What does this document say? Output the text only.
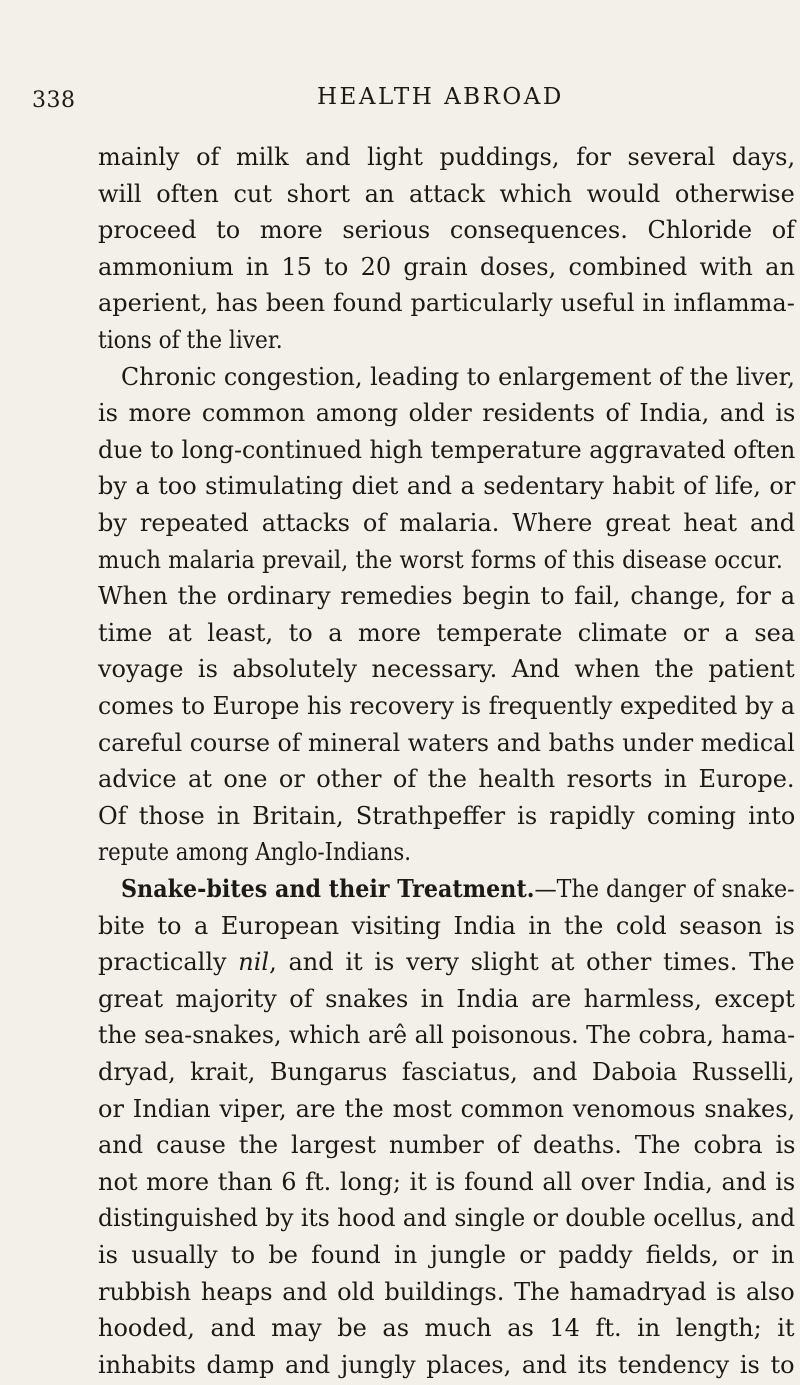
338	HEALTH ABROAD
mainly of milk and light puddings, for several days,
will often cut short an attack which would otherwise
proceed to more serious consequences. Chloride of
ammonium in 15 to 20 grain doses, combined with an
aperient, has been found particularly useful in inflamma-
tions of the liver.
Chronic congestion, leading to enlargement of the liver,
is more common among older residents of India, and is
due to long-continued high temperature aggravated often
by a too stimulating diet and a sedentary habit of life, or
by repeated attacks of malaria. Where great heat and
much malaria prevail, the worst forms of this disease occur.
When the ordinary remedies begin to fail, change, for a
time at least, to a more temperate climate or a sea
voyage is absolutely necessary. And when the patient
comes to Europe his recovery is frequently expedited by a
careful course of mineral waters and baths under medical
advice at one or other of the health resorts in Europe.
Of those in Britain, Strathpeffer is rapidly coming into
repute among Anglo-Indians.
Snake-bites and their Treatment.—The danger of snake-
bite to a European visiting India in the cold season is
practically nil, and it is very slight at other times. The
great majority of snakes in India are harmless, except
the sea-snakes, which arê all poisonous. The cobra, hama-
dryad, krait, Bungarus fasciatus, and Daboia Russelli,
or Indian viper, are the most common venomous snakes,
and cause the largest number of deaths. The cobra is
not more than 6 ft. long; it is found all over India, and is
distinguished by its hood and single or double ocellus, and
is usually to be found in jungle or paddy fields, or in
rubbish heaps and old buildings. The hamadryad is also
hooded, and may be as much as 14 ft. in length; it
inhabits damp and jungly places, and its tendency is to
